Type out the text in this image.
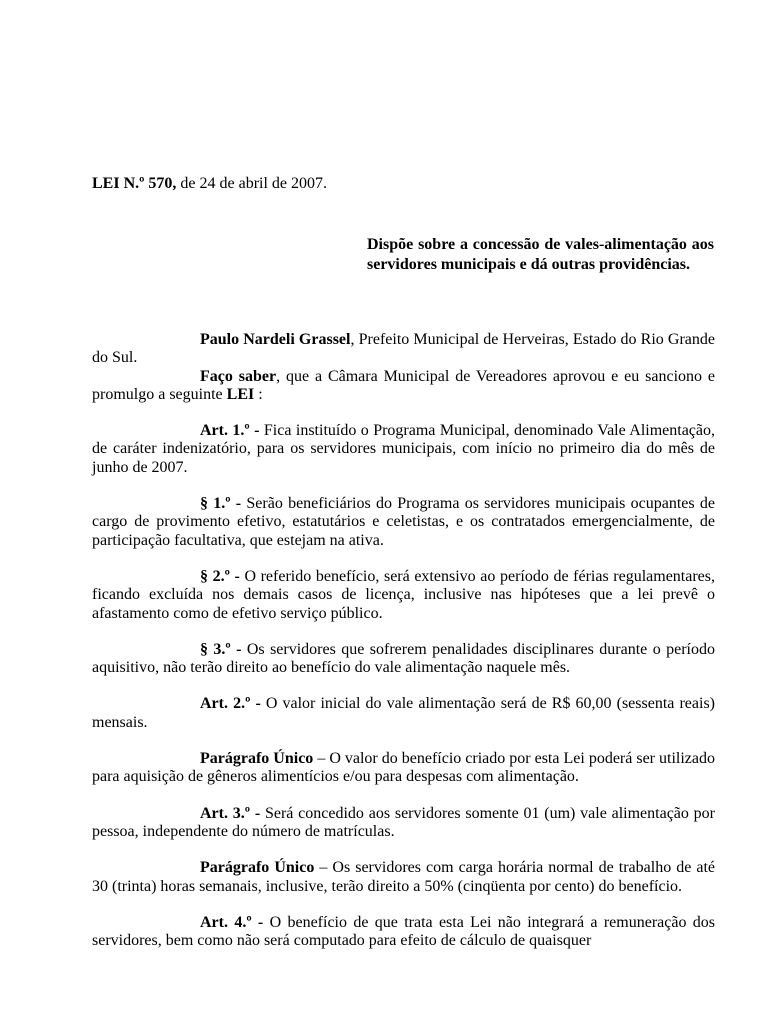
LEI N.º 570, de 24 de abril de 2007.
Dispõe sobre a concessão de vales-alimentação aos servidores municipais e dá outras providências.

Paulo Nardeli Grassel, Prefeito Municipal de Herveiras, Estado do Rio Grande do Sul.

Faço saber, que a Câmara Municipal de Vereadores aprovou e eu sanciono e promulgo a seguinte LEI :

Art. 1.º - Fica instituído o Programa Municipal, denominado Vale Alimentação, de caráter indenizatório, para os servidores municipais, com início no primeiro dia do mês de junho de 2007.

§ 1.º - Serão beneficiários do Programa os servidores municipais ocupantes de cargo de provimento efetivo, estatutários e celetistas, e os contratados emergencialmente, de participação facultativa, que estejam na ativa.

§ 2.º - O referido benefício, será extensivo ao período de férias regulamentares, ficando excluída nos demais casos de licença, inclusive nas hipóteses que a lei prevê o afastamento como de efetivo serviço público.

§ 3.º - Os servidores que sofrerem penalidades disciplinares durante o período aquisitivo, não terão direito ao benefício do vale alimentação naquele mês.

Art. 2.º - O valor inicial do vale alimentação será de R$ 60,00 (sessenta reais) mensais.

Parágrafo Único – O valor do benefício criado por esta Lei poderá ser utilizado para aquisição de gêneros alimentícios e/ou para despesas com alimentação.

Art. 3.º - Será concedido aos servidores somente 01 (um) vale alimentação por pessoa, independente do número de matrículas.

Parágrafo Único – Os servidores com carga horária normal de trabalho de até 30 (trinta) horas semanais, inclusive, terão direito a 50% (cinqüenta por cento) do benefício.

Art. 4.º - O benefício de que trata esta Lei não integrará a remuneração dos servidores, bem como não será computado para efeito de cálculo de quaisquer
